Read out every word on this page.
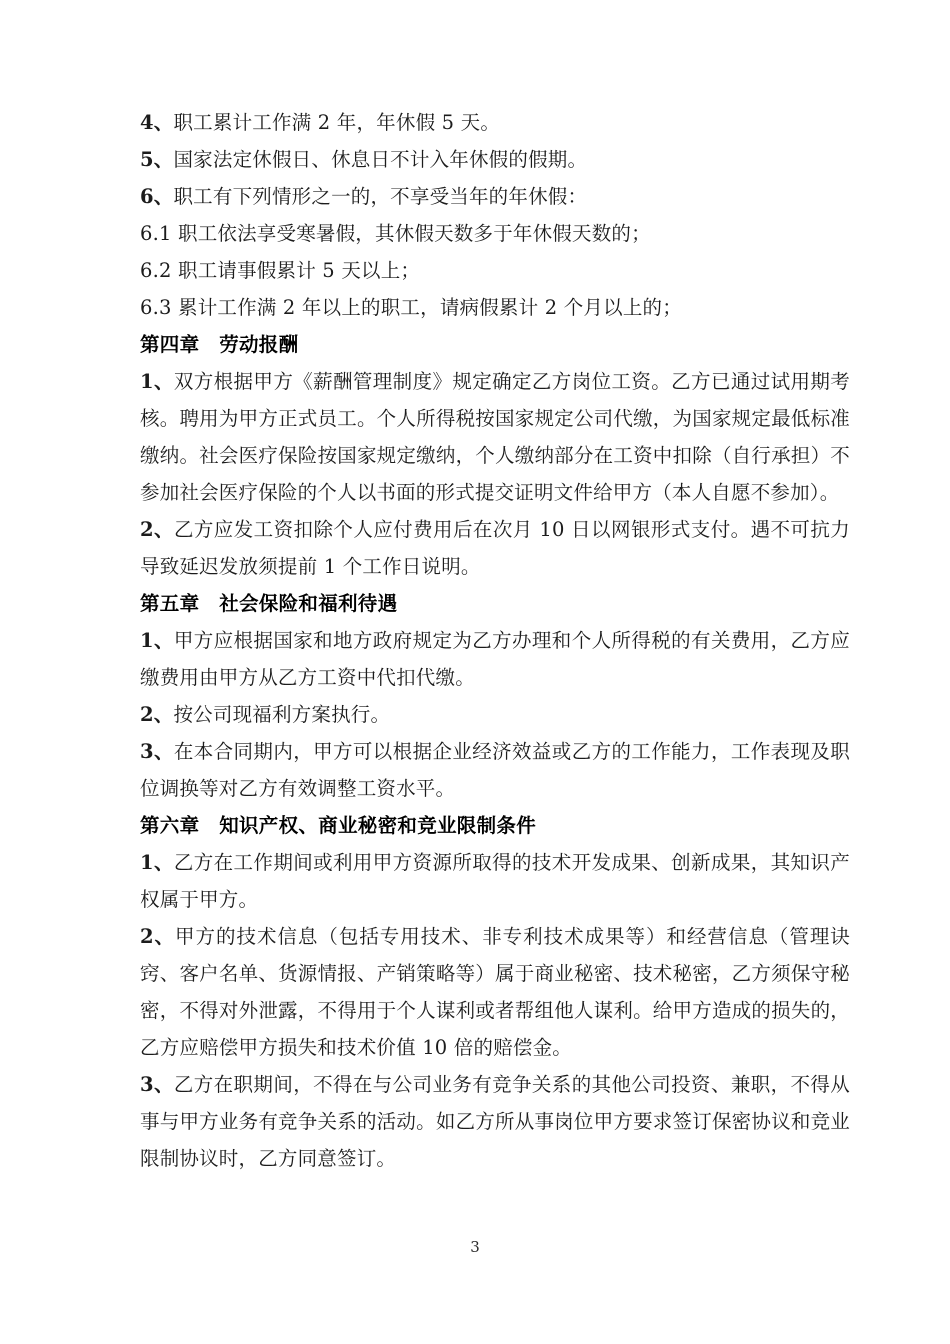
4、职工累计工作满 2 年，年休假 5 天。
5、国家法定休假日、休息日不计入年休假的假期。
6、职工有下列情形之一的，不享受当年的年休假：
6.1 职工依法享受寒暑假，其休假天数多于年休假天数的；
6.2 职工请事假累计 5 天以上；
6.3 累计工作满 2 年以上的职工，请病假累计 2 个月以上的；
第四章　劳动报酬
1、双方根据甲方《薪酬管理制度》规定确定乙方岗位工资。乙方已通过试用期考核。聘用为甲方正式员工。个人所得税按国家规定公司代缴，为国家规定最低标准缴纳。社会医疗保险按国家规定缴纳，个人缴纳部分在工资中扣除（自行承担）不参加社会医疗保险的个人以书面的形式提交证明文件给甲方（本人自愿不参加）。
2、乙方应发工资扣除个人应付费用后在次月 10 日以网银形式支付。遇不可抗力导致延迟发放须提前 1 个工作日说明。
第五章　社会保险和福利待遇
1、甲方应根据国家和地方政府规定为乙方办理和个人所得税的有关费用，乙方应缴费用由甲方从乙方工资中代扣代缴。
2、按公司现福利方案执行。
3、在本合同期内，甲方可以根据企业经济效益或乙方的工作能力，工作表现及职位调换等对乙方有效调整工资水平。
第六章　知识产权、商业秘密和竞业限制条件
1、乙方在工作期间或利用甲方资源所取得的技术开发成果、创新成果，其知识产权属于甲方。
2、甲方的技术信息（包括专用技术、非专利技术成果等）和经营信息（管理诀窍、客户名单、货源情报、产销策略等）属于商业秘密、技术秘密，乙方须保守秘密，不得对外泄露，不得用于个人谋利或者帮组他人谋利。给甲方造成的损失的，乙方应赔偿甲方损失和技术价值 10 倍的赔偿金。
3、乙方在职期间，不得在与公司业务有竞争关系的其他公司投资、兼职，不得从事与甲方业务有竞争关系的活动。如乙方所从事岗位甲方要求签订保密协议和竞业限制协议时，乙方同意签订。
3
